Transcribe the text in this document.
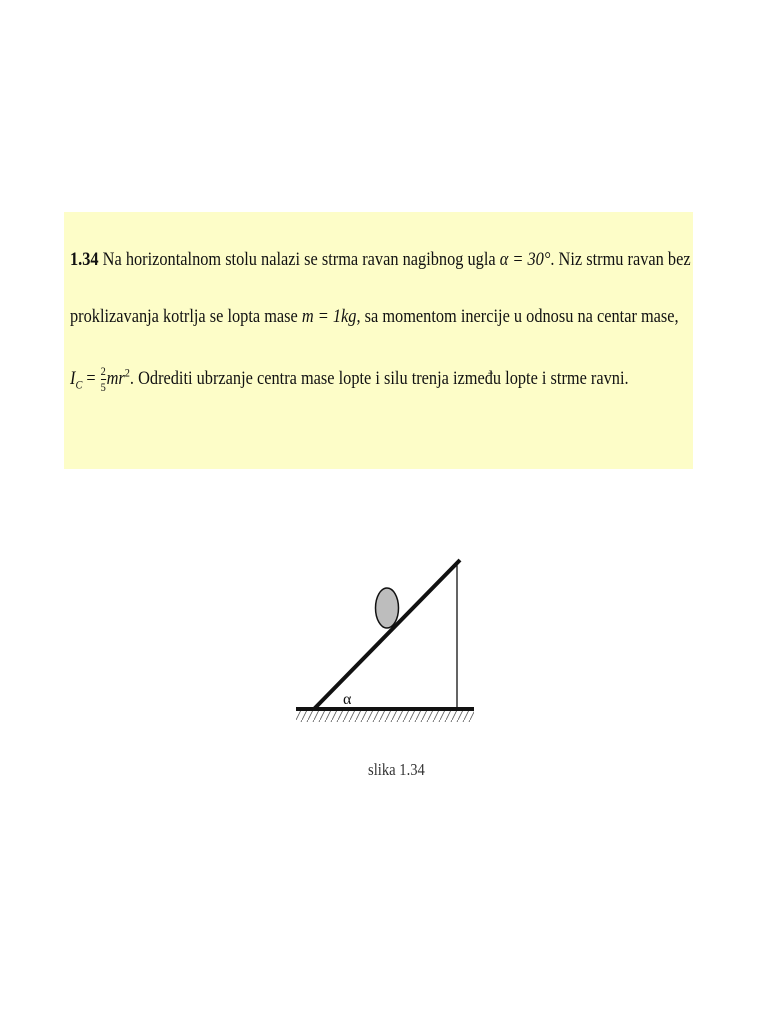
1.34 Na horizontalnom stolu nalazi se strma ravan nagibnog ugla α = 30°. Niz strmu ravan bez
proklizavanja kotrlja se lopta mase m = 1kg, sa momentom inercije u odnosu na centar mase,
$I_C = \frac{2}{5} mr^2$. Odrediti ubrzanje centra mase lopte i silu trenja između lopte i strme ravni.
α
slika 1.34
